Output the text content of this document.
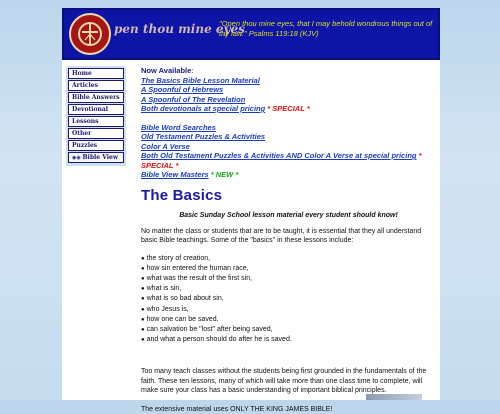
pen thou mine eyes
"Open thou mine eyes, that I may behold wondrous things out of thy law." Psalms 119:18 (KJV)
Home
Articles
Bible Answers
Devotional
Lessons
Other
Puzzles
◉◉ Bible View
Now Available:
The Basics Bible Lesson Material
A Spoonful of Hebrews
A Spoonful of The Revelation
Both devotionals at special pricing * SPECIAL *
Bible Word Searches
Old Testament Puzzles & Activities
Color A Verse
Both Old Testament Puzzles & Activities AND Color A Verse at special pricing *
SPECIAL *
Bible View Masters * NEW *
The Basics
Basic Sunday School lesson material every student should know!
No matter the class or students that are to be taught, it is essential that they all understand basic Bible teachings. Some of the "basics" in these lessons include:
● the story of creation,
● how sin entered the human race,
● what was the result of the first sin,
● what is sin,
● what is so bad about sin,
● who Jesus is,
● how one can be saved,
● can salvation be "lost" after being saved,
● and what a person should do after he is saved.
Too many teach classes without the students being first grounded in the fundamentals of the faith. These ten lessons, many of which will take more than one class time to complete, will make sure your class has a basic understanding of important biblical principles.
The extensive material uses ONLY THE KING JAMES BIBLE!
